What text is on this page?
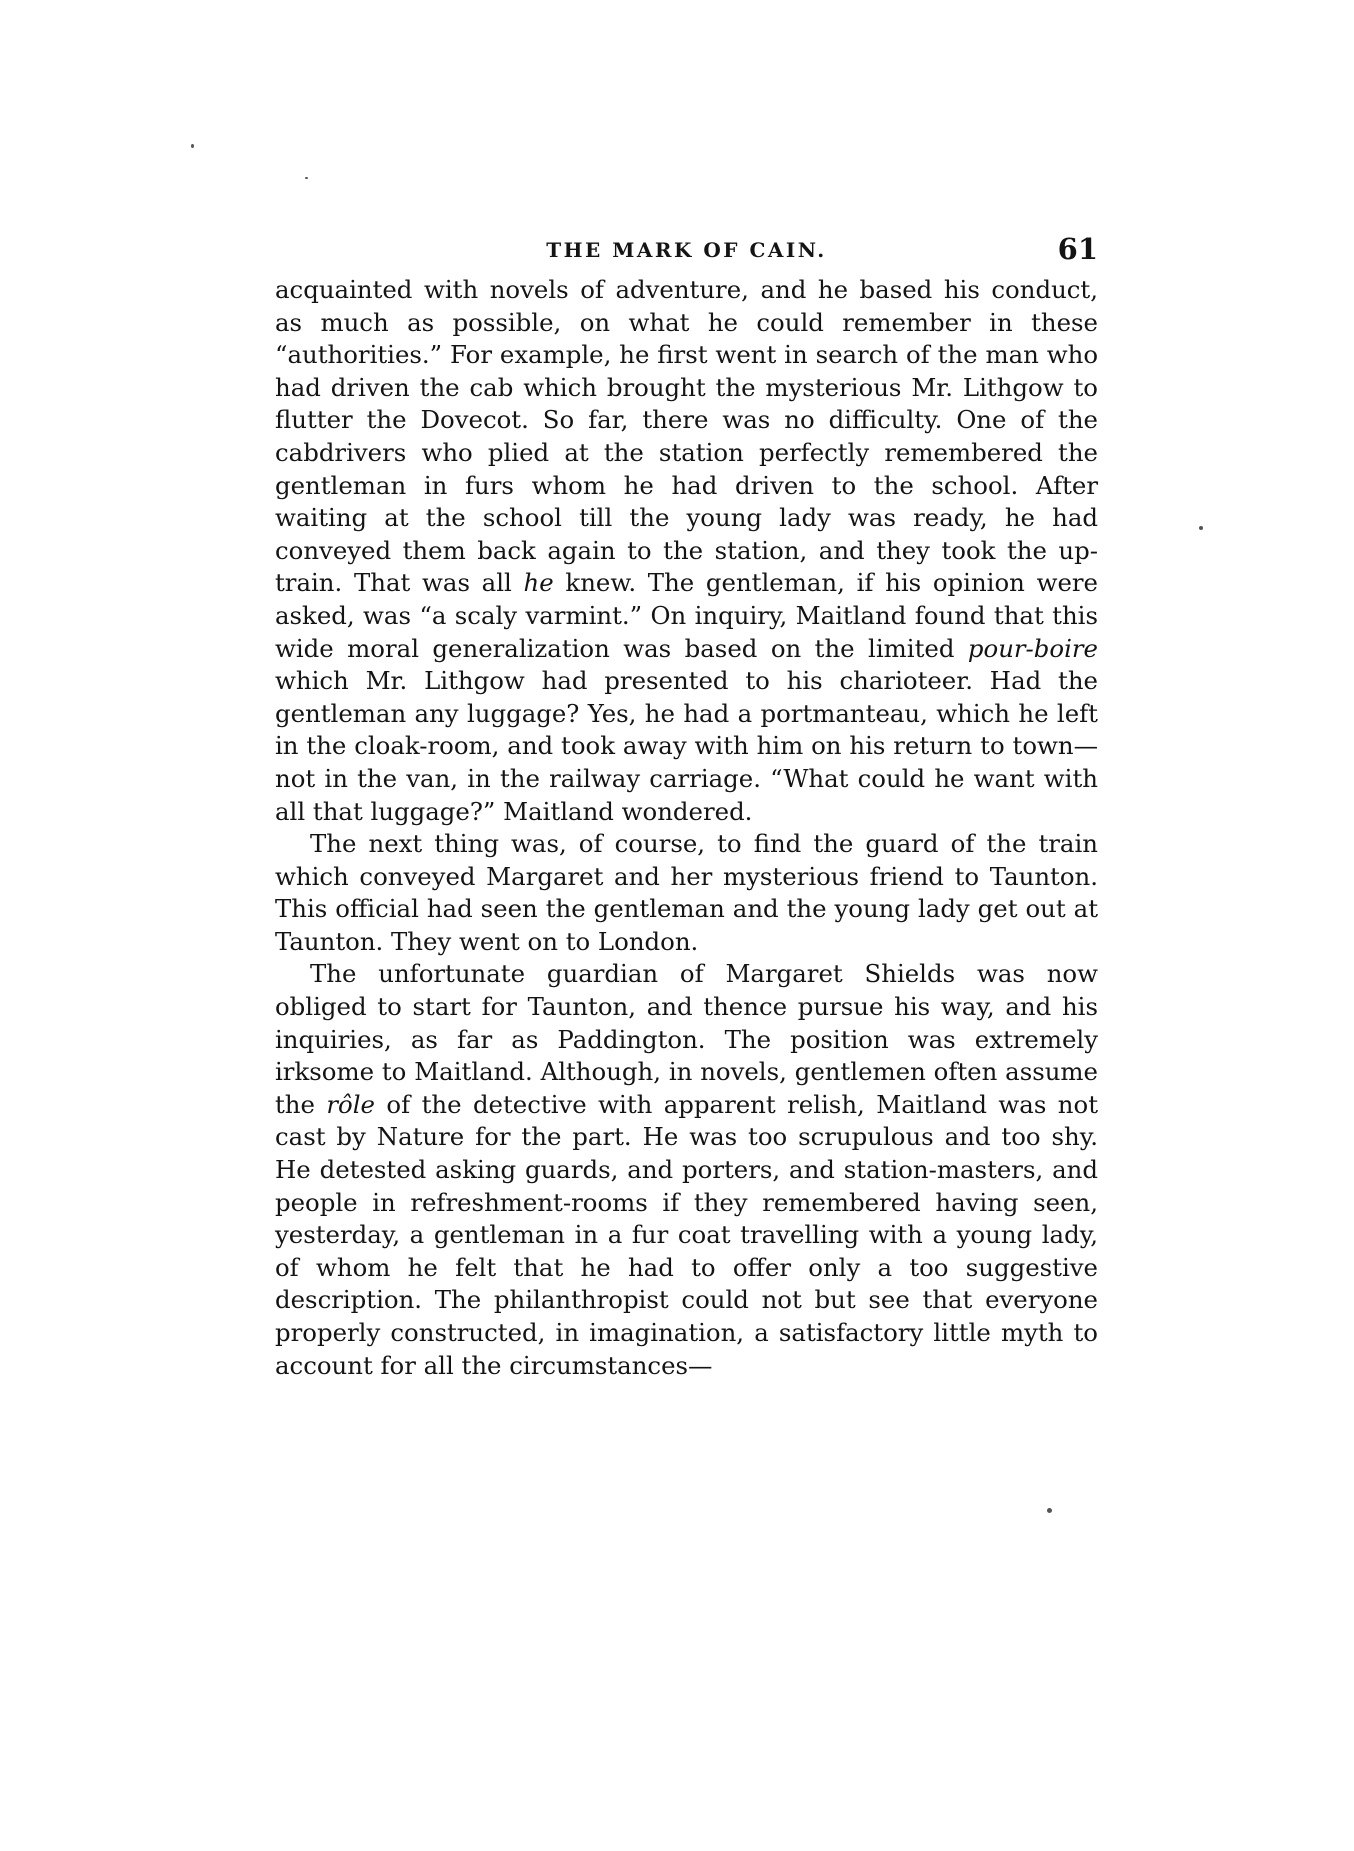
THE MARK OF CAIN.	61

acquainted with novels of adventure, and he based his conduct, as much as possible, on what he could remember in these “authorities.” For example, he first went in search of the man who had driven the cab which brought the mysterious Mr. Lithgow to flutter the Dovecot. So far, there was no difficulty. One of the cabdrivers who plied at the station perfectly remembered the gentleman in furs whom he had driven to the school. After waiting at the school till the young lady was ready, he had conveyed them back again to the station, and they took the up-train. That was all he knew. The gentleman, if his opinion were asked, was “a scaly varmint.” On inquiry, Maitland found that this wide moral generalization was based on the limited pour-boire which Mr. Lithgow had presented to his charioteer. Had the gentleman any luggage? Yes, he had a portmanteau, which he left in the cloak-room, and took away with him on his return to town—not in the van, in the railway carriage. “What could he want with all that luggage?” Maitland wondered.

The next thing was, of course, to find the guard of the train which conveyed Margaret and her mysterious friend to Taunton. This official had seen the gentleman and the young lady get out at Taunton. They went on to London.

The unfortunate guardian of Margaret Shields was now obliged to start for Taunton, and thence pursue his way, and his inquiries, as far as Paddington. The position was extremely irksome to Maitland. Although, in novels, gentlemen often assume the rôle of the detective with apparent relish, Maitland was not cast by Nature for the part. He was too scrupulous and too shy. He detested asking guards, and porters, and station-masters, and people in refreshment-rooms if they remembered having seen, yesterday, a gentleman in a fur coat travelling with a young lady, of whom he felt that he had to offer only a too suggestive description. The philanthropist could not but see that everyone properly constructed, in imagination, a satisfactory little myth to account for all the circumstances—
